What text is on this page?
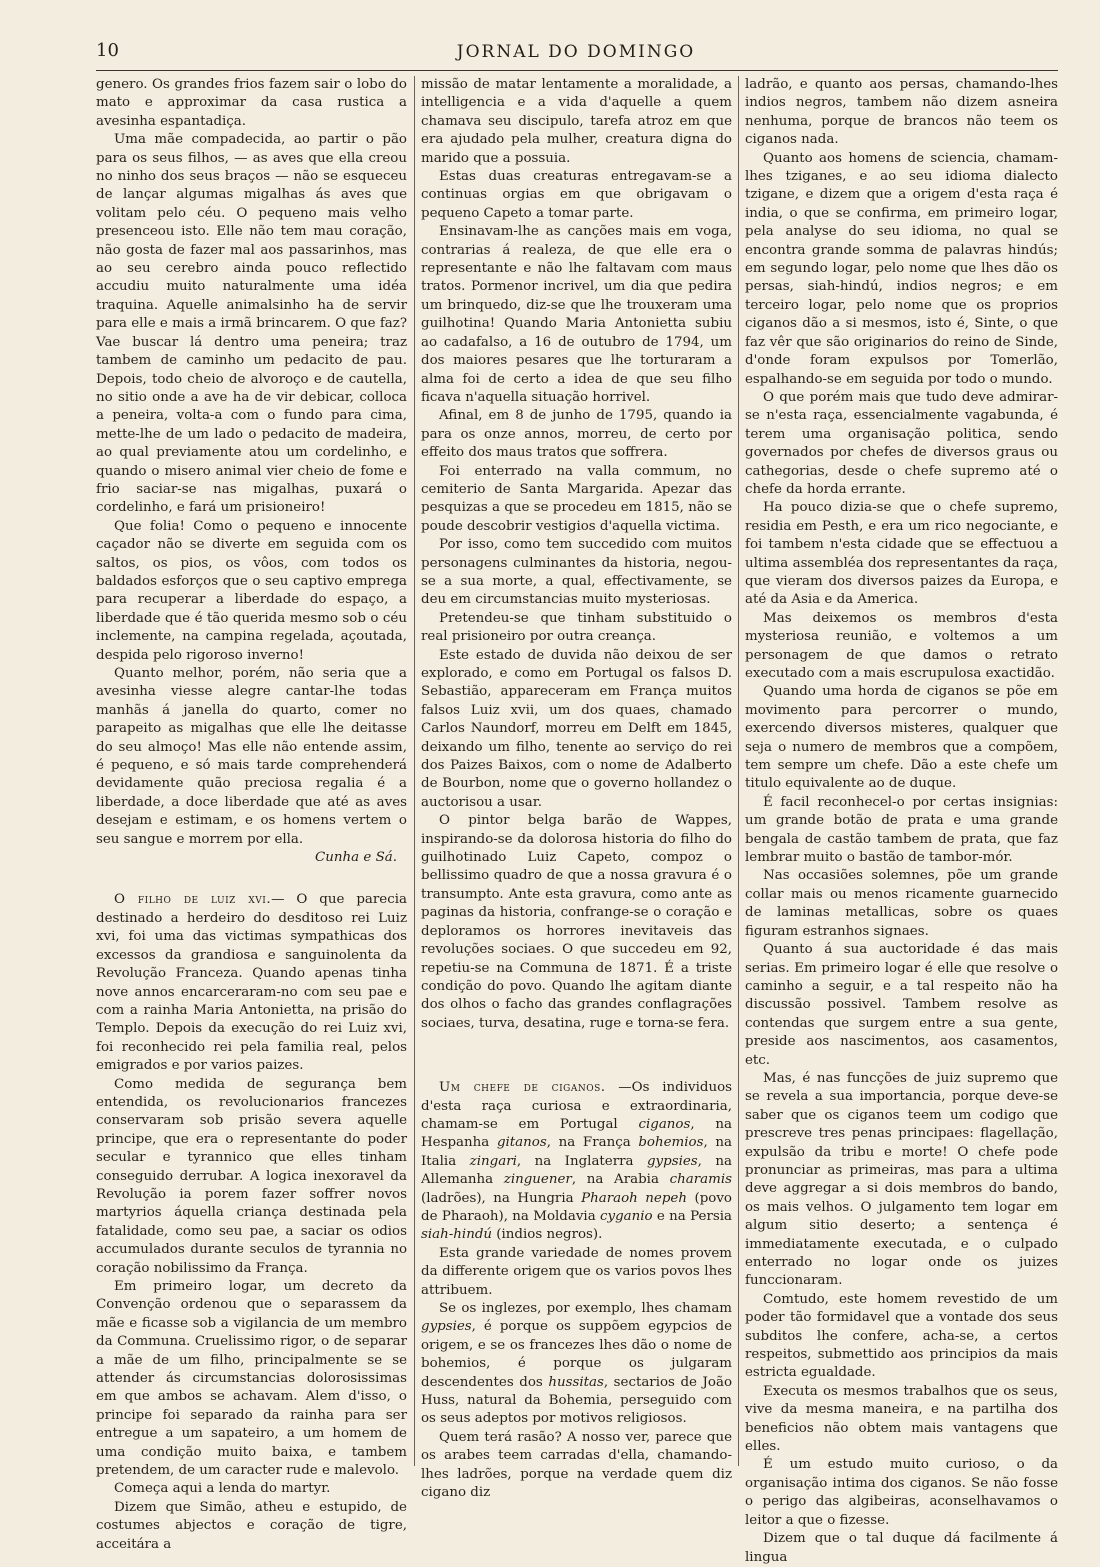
10	JORNAL DO DOMINGO

genero. Os grandes frios fazem sair o lobo do mato e approximar da casa rustica a avesinha espantadiça.

Uma mãe compadecida, ao partir o pão para os seus filhos, — as aves que ella creou no ninho dos seus braços — não se esqueceu de lançar algumas migalhas ás aves que volitam pelo céu. O pequeno mais velho presenceou isto. Elle não tem mau coração, não gosta de fazer mal aos passarinhos, mas ao seu cerebro ainda pouco reflectido accudiu muito naturalmente uma idéa traquina. Aquelle animalsinho ha de servir para elle e mais a irmã brincarem. O que faz? Vae buscar lá dentro uma peneira; traz tambem de caminho um pedacito de pau. Depois, todo cheio de alvoroço e de cautella, no sitio onde a ave ha de vir debicar, colloca a peneira, volta-a com o fundo para cima, mette-lhe de um lado o pedacito de madeira, ao qual previamente atou um cordelinho, e quando o misero animal vier cheio de fome e frio saciar-se nas migalhas, puxará o cordelinho, e fará um prisioneiro!

Que folia! Como o pequeno e innocente caçador não se diverte em seguida com os saltos, os pios, os vôos, com todos os baldados esforços que o seu captivo emprega para recuperar a liberdade do espaço, a liberdade que é tão querida mesmo sob o céu inclemente, na campina regelada, açoutada, despida pelo rigoroso inverno!

Quanto melhor, porém, não seria que a avesinha viesse alegre cantar-lhe todas manhãs á janella do quarto, comer no parapeito as migalhas que elle lhe deitasse do seu almoço! Mas elle não entende assim, é pequeno, e só mais tarde comprehenderá devidamente quão preciosa regalia é a liberdade, a doce liberdade que até as aves desejam e estimam, e os homens vertem o seu sangue e morrem por ella.

Cunha e Sá.

O filho de luiz xvi.— O que parecia destinado a herdeiro do desditoso rei Luiz xvi, foi uma das victimas sympathicas dos excessos da grandiosa e sanguinolenta da Revolução Franceza. Quando apenas tinha nove annos encarceraram-no com seu pae e com a rainha Maria Antonietta, na prisão do Templo. Depois da execução do rei Luiz xvi, foi reconhecido rei pela familia real, pelos emigrados e por varios paizes.

Como medida de segurança bem entendida, os revolucionarios francezes conservaram sob prisão severa aquelle principe, que era o representante do poder secular e tyrannico que elles tinham conseguido derrubar. A logica inexoravel da Revolução ia porem fazer soffrer novos martyrios áquella criança destinada pela fatalidade, como seu pae, a saciar os odios accumulados durante seculos de tyrannia no coração nobilissimo da França.

Em primeiro logar, um decreto da Convenção ordenou que o separassem da mãe e ficasse sob a vigilancia de um membro da Communa. Cruelissimo rigor, o de separar a mãe de um filho, principalmente se se attender ás circumstancias dolorosissimas em que ambos se achavam. Alem d'isso, o principe foi separado da rainha para ser entregue a um sapateiro, a um homem de uma condição muito baixa, e tambem pretendem, de um caracter rude e malevolo.

Começa aqui a lenda do martyr.

Dizem que Simão, atheu e estupido, de costumes abjectos e coração de tigre, acceitára a

missão de matar lentamente a moralidade, a intelligencia e a vida d'aquelle a quem chamava seu discipulo, tarefa atroz em que era ajudado pela mulher, creatura digna do marido que a possuia.

Estas duas creaturas entregavam-se a continuas orgias em que obrigavam o pequeno Capeto a tomar parte.

Ensinavam-lhe as canções mais em voga, contrarias á realeza, de que elle era o representante e não lhe faltavam com maus tratos. Pormenor incrivel, um dia que pedira um brinquedo, diz-se que lhe trouxeram uma guilhotina! Quando Maria Antonietta subiu ao cadafalso, a 16 de outubro de 1794, um dos maiores pesares que lhe torturaram a alma foi de certo a idea de que seu filho ficava n'aquella situação horrivel.

Afinal, em 8 de junho de 1795, quando ia para os onze annos, morreu, de certo por effeito dos maus tratos que soffrera.

Foi enterrado na valla commum, no cemiterio de Santa Margarida. Apezar das pesquizas a que se procedeu em 1815, não se poude descobrir vestigios d'aquella victima.

Por isso, como tem succedido com muitos personagens culminantes da historia, negou-se a sua morte, a qual, effectivamente, se deu em circumstancias muito mysteriosas.

Pretendeu-se que tinham substituido o real prisioneiro por outra creança.

Este estado de duvida não deixou de ser explorado, e como em Portugal os falsos D. Sebastião, appareceram em França muitos falsos Luiz xvii, um dos quaes, chamado Carlos Naundorf, morreu em Delft em 1845, deixando um filho, tenente ao serviço do rei dos Paizes Baixos, com o nome de Adalberto de Bourbon, nome que o governo hollandez o auctorisou a usar.

O pintor belga barão de Wappes, inspirando-se da dolorosa historia do filho do guilhotinado Luiz Capeto, compoz o bellissimo quadro de que a nossa gravura é o transumpto. Ante esta gravura, como ante as paginas da historia, confrange-se o coração e deploramos os horrores inevitaveis das revoluções sociaes. O que succedeu em 92, repetiu-se na Communa de 1871. É a triste condição do povo. Quando lhe agitam diante dos olhos o facho das grandes conflagrações sociaes, turva, desatina, ruge e torna-se fera.

Um chefe de ciganos. —Os individuos d'esta raça curiosa e extraordinaria, chamam-se em Portugal ciganos, na Hespanha gitanos, na França bohemios, na Italia zingari, na Inglaterra gypsies, na Allemanha zinguener, na Arabia charamis (ladrões), na Hungria Pharaoh nepeh (povo de Pharaoh), na Moldavia cyganio e na Persia siah-hindú (indios negros).

Esta grande variedade de nomes provem da differente origem que os varios povos lhes attribuem.

Se os inglezes, por exemplo, lhes chamam gypsies, é porque os suppõem egypcios de origem, e se os francezes lhes dão o nome de bohemios, é porque os julgaram descendentes dos hussitas, sectarios de João Huss, natural da Bohemia, perseguido com os seus adeptos por motivos religiosos.

Quem terá rasão? A nosso ver, parece que os arabes teem carradas d'ella, chamando-lhes ladrões, porque na verdade quem diz cigano diz

ladrão, e quanto aos persas, chamando-lhes indios negros, tambem não dizem asneira nenhuma, porque de brancos não teem os ciganos nada.

Quanto aos homens de sciencia, chamam-lhes tziganes, e ao seu idioma dialecto tzigane, e dizem que a origem d'esta raça é india, o que se confirma, em primeiro logar, pela analyse do seu idioma, no qual se encontra grande somma de palavras hindús; em segundo logar, pelo nome que lhes dão os persas, siah-hindú, indios negros; e em terceiro logar, pelo nome que os proprios ciganos dão a si mesmos, isto é, Sinte, o que faz vêr que são originarios do reino de Sinde, d'onde foram expulsos por Tomerlão, espalhando-se em seguida por todo o mundo.

O que porém mais que tudo deve admirar-se n'esta raça, essencialmente vagabunda, é terem uma organisação politica, sendo governados por chefes de diversos graus ou cathegorias, desde o chefe supremo até o chefe da horda errante.

Ha pouco dizia-se que o chefe supremo, residia em Pesth, e era um rico negociante, e foi tambem n'esta cidade que se effectuou a ultima assembléa dos representantes da raça, que vieram dos diversos paizes da Europa, e até da Asia e da America.

Mas deixemos os membros d'esta mysteriosa reunião, e voltemos a um personagem de que damos o retrato executado com a mais escrupulosa exactidão.

Quando uma horda de ciganos se põe em movimento para percorrer o mundo, exercendo diversos misteres, qualquer que seja o numero de membros que a compõem, tem sempre um chefe. Dão a este chefe um titulo equivalente ao de duque.

É facil reconhecel-o por certas insignias: um grande botão de prata e uma grande bengala de castão tambem de prata, que faz lembrar muito o bastão de tambor-mór.

Nas occasiões solemnes, põe um grande collar mais ou menos ricamente guarnecido de laminas metallicas, sobre os quaes figuram estranhos signaes.

Quanto á sua auctoridade é das mais serias. Em primeiro logar é elle que resolve o caminho a seguir, e a tal respeito não ha discussão possivel. Tambem resolve as contendas que surgem entre a sua gente, preside aos nascimentos, aos casamentos, etc.

Mas, é nas funcções de juiz supremo que se revela a sua importancia, porque deve-se saber que os ciganos teem um codigo que prescreve tres penas principaes: flagellação, expulsão da tribu e morte! O chefe pode pronunciar as primeiras, mas para a ultima deve aggregar a si dois membros do bando, os mais velhos. O julgamento tem logar em algum sitio deserto; a sentença é immediatamente executada, e o culpado enterrado no logar onde os juizes funccionaram.

Comtudo, este homem revestido de um poder tão formidavel que a vontade dos seus subditos lhe confere, acha-se, a certos respeitos, submettido aos principios da mais estricta egualdade.

Executa os mesmos trabalhos que os seus, vive da mesma maneira, e na partilha dos beneficios não obtem mais vantagens que elles.

É um estudo muito curioso, o da organisação intima dos ciganos. Se não fosse o perigo das algibeiras, aconselhavamos o leitor a que o fizesse.

Dizem que o tal duque dá facilmente á lingua
